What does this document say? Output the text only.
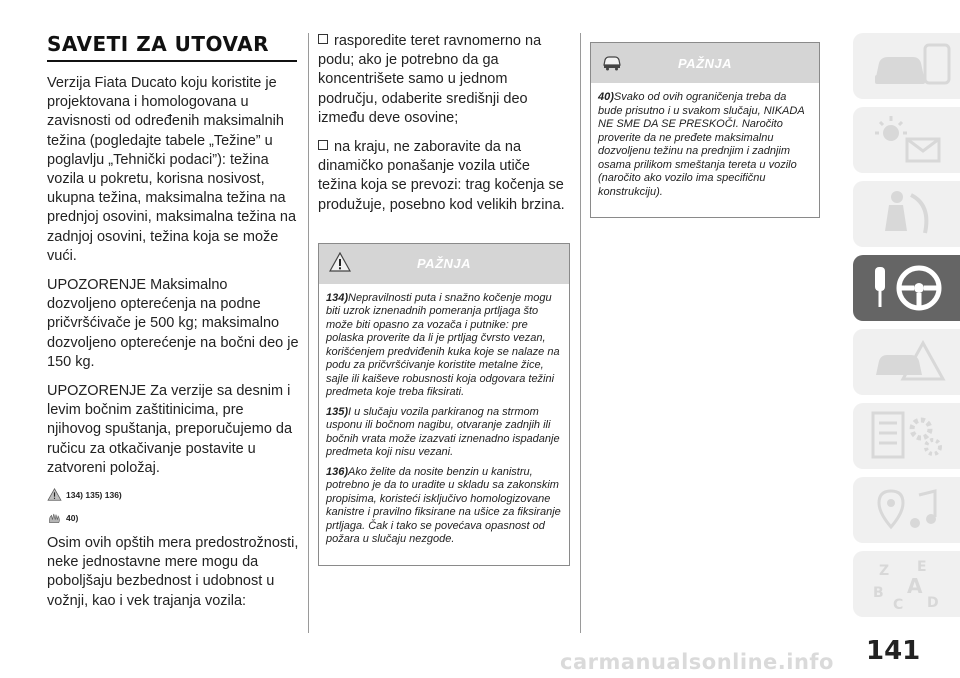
SAVETI ZA UTOVAR

Verzija Fiata Ducato koju koristite je projektovana i homologovana u zavisnosti od određenih maksimalnih težina (pogledajte tabele „Težine” u poglavlju „Tehnički podaci”): težina vozila u pokretu, korisna nosivost, ukupna težina, maksimalna težina na prednjoj osovini, maksimalna težina na zadnjoj osovini, težina koja se može vući.

UPOZORENJE Maksimalno dozvoljeno opterećenja na podne pričvršćivače je 500 kg; maksimalno dozvoljeno opterećenje na bočni deo je 150 kg.

UPOZORENJE Za verzije sa desnim i levim bočnim zaštitinicima, pre njihovog spuštanja, preporučujemo da ručicu za otkačivanje postavite u zatvoreni položaj.

134) 135) 136)
40)

Osim ovih opštih mera predostrožnosti, neke jednostavne mere mogu da poboljšaju bezbednost i udobnost u vožnji, kao i vek trajanja vozila:

rasporedite teret ravnomerno na podu; ako je potrebno da ga koncentrišete samo u jednom području, odaberite središnji deo između deve osovine;

na kraju, ne zaboravite da na dinamičko ponašanje vozila utiče težina koja se prevozi: trag kočenja se produžuje, posebno kod velikih brzina.

PAŽNJA

134)Nepravilnosti puta i snažno kočenje mogu biti uzrok iznenadnih pomeranja prtljaga što može biti opasno za vozača i putnike: pre polaska proverite da li je prtljag čvrsto vezan, korišćenjem predviđenih kuka koje se nalaze na podu za pričvršćivanje koristite metalne žice, sajle ili kaiševe robusnosti koja odgovara težini predmeta koje treba fiksirati.

135)I u slučaju vozila parkiranog na strmom usponu ili bočnom nagibu, otvaranje zadnjih ili bočnih vrata može izazvati iznenadno ispadanje predmeta koji nisu vezani.

136)Ako želite da nosite benzin u kanistru, potrebno je da to uradite u skladu sa zakonskim propisima, koristeći isključivo homologizovane kanistre i pravilno fiksirane na ušice za fiksiranje prtljaga. Čak i tako se povećava opasnost od požara u slučaju nezgode.

PAŽNJA

40)Svako od ovih ograničenja treba da bude prisutno i u svakom slučaju, NIKADA NE SME DA SE PRESKOČI. Naročito proverite da ne pređete maksimalnu dozvoljenu težinu na prednjim i zadnjim osama prilikom smeštanja tereta u vozilo (naročito ako vozilo ima specifičnu konstrukciju).

Z E
B A
C D
141
carmanualsonline.info
